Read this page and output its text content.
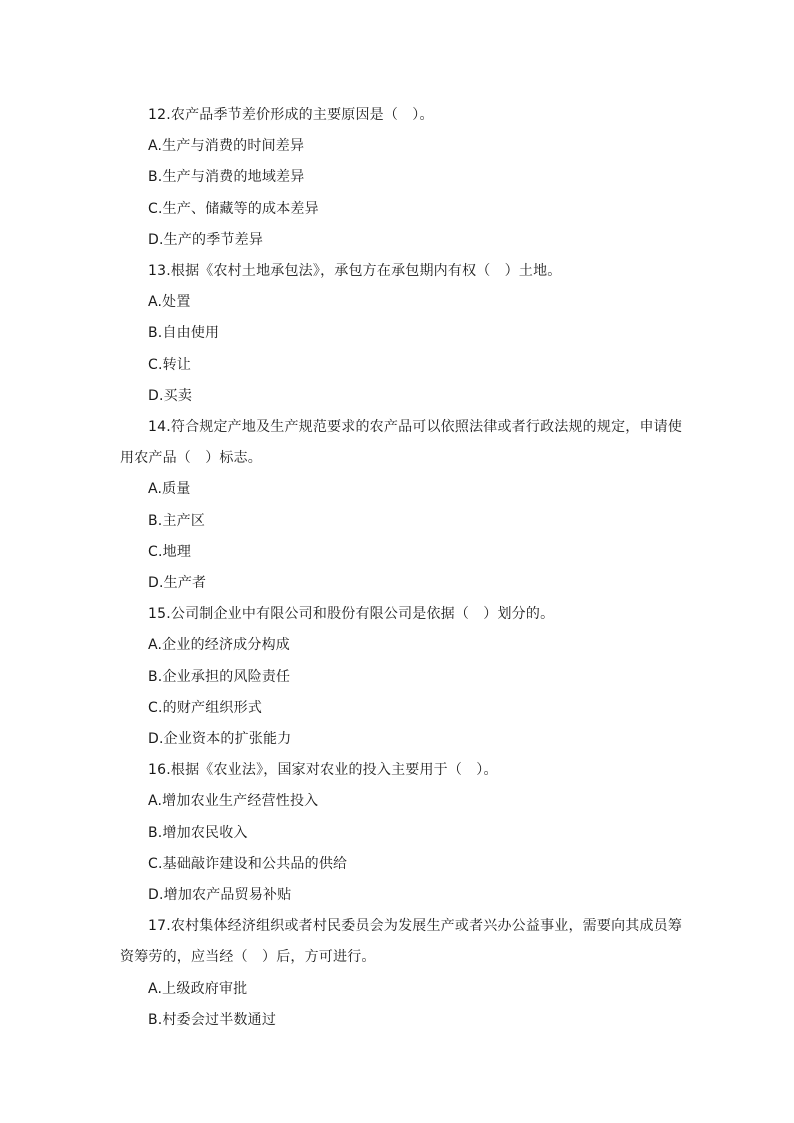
12.农产品季节差价形成的主要原因是（　）。
A.生产与消费的时间差异
B.生产与消费的地域差异
C.生产、储藏等的成本差异
D.生产的季节差异
13.根据《农村土地承包法》，承包方在承包期内有权（　）土地。
A.处置
B.自由使用
C.转让
D.买卖
14.符合规定产地及生产规范要求的农产品可以依照法律或者行政法规的规定，申请使
用农产品（　）标志。
A.质量
B.主产区
C.地理
D.生产者
15.公司制企业中有限公司和股份有限公司是依据（　）划分的。
A.企业的经济成分构成
B.企业承担的风险责任
C.的财产组织形式
D.企业资本的扩张能力
16.根据《农业法》，国家对农业的投入主要用于（　）。
A.增加农业生产经营性投入
B.增加农民收入
C.基础敲诈建设和公共品的供给
D.增加农产品贸易补贴
17.农村集体经济组织或者村民委员会为发展生产或者兴办公益事业，需要向其成员筹
资筹劳的，应当经（　）后，方可进行。
A.上级政府审批
B.村委会过半数通过
